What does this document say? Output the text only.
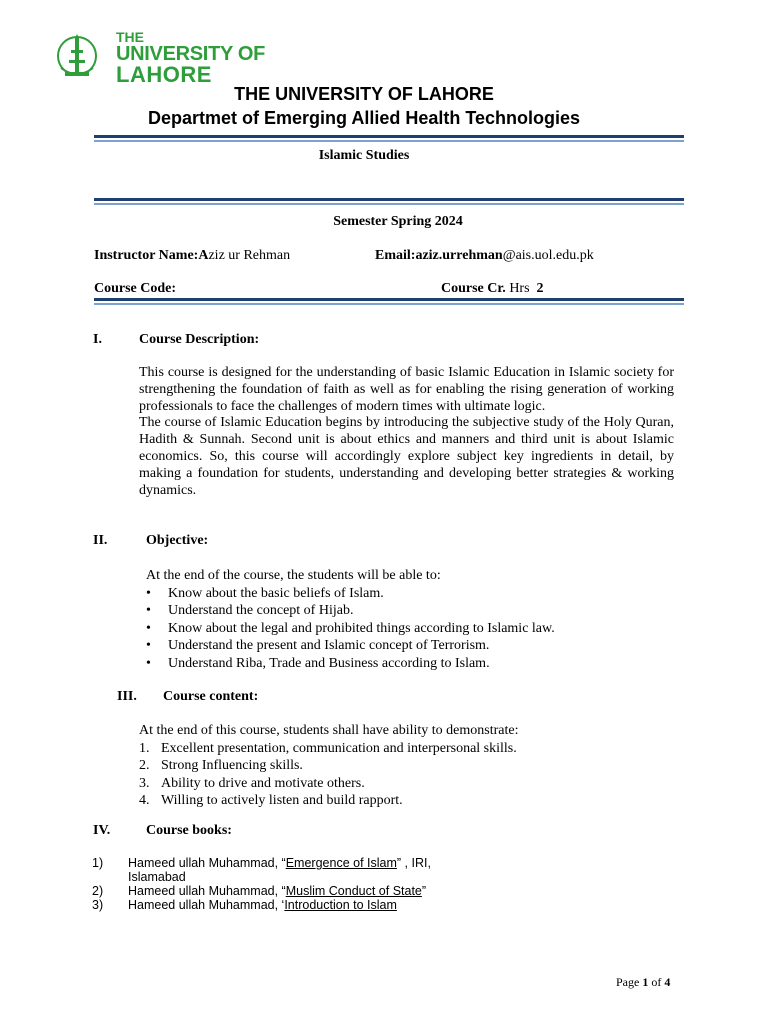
THE
UNIVERSITY OF
LAHORE
THE UNIVERSITY OF LAHORE
Departmet of Emerging Allied Health Technologies
Islamic Studies
Semester Spring 2024
Instructor Name:Aziz ur Rehman	Email:aziz.urrehman@ais.uol.edu.pk
Course Code:	Course Cr. Hrs 2
I.	Course Description:

This course is designed for the understanding of basic Islamic Education in Islamic society for strengthening the foundation of faith as well as for enabling the rising generation of working professionals to face the challenges of modern times with ultimate logic.

The course of Islamic Education begins by introducing the subjective study of the Holy Quran, Hadith & Sunnah. Second unit is about ethics and manners and third unit is about Islamic economics. So, this course will accordingly explore subject key ingredients in detail, by making a foundation for students, understanding and developing better strategies & working dynamics.

II.	Objective:
At the end of the course, the students will be able to:
• Know about the basic beliefs of Islam.
• Understand the concept of Hijab.
• Know about the legal and prohibited things according to Islamic law.
• Understand the present and Islamic concept of Terrorism.
• Understand Riba, Trade and Business according to Islam.
III. Course content:
At the end of this course, students shall have ability to demonstrate:
1. Excellent presentation, communication and interpersonal skills.
2. Strong Influencing skills.
3. Ability to drive and motivate others.
4. Willing to actively listen and build rapport.
IV.	Course books:
1) Hameed ullah Muhammad, “Emergence of Islam” , IRI,
Islamabad
2) Hameed ullah Muhammad, “Muslim Conduct of State”
3) Hameed ullah Muhammad, ‘Introduction to Islam
Page 1 of 4
